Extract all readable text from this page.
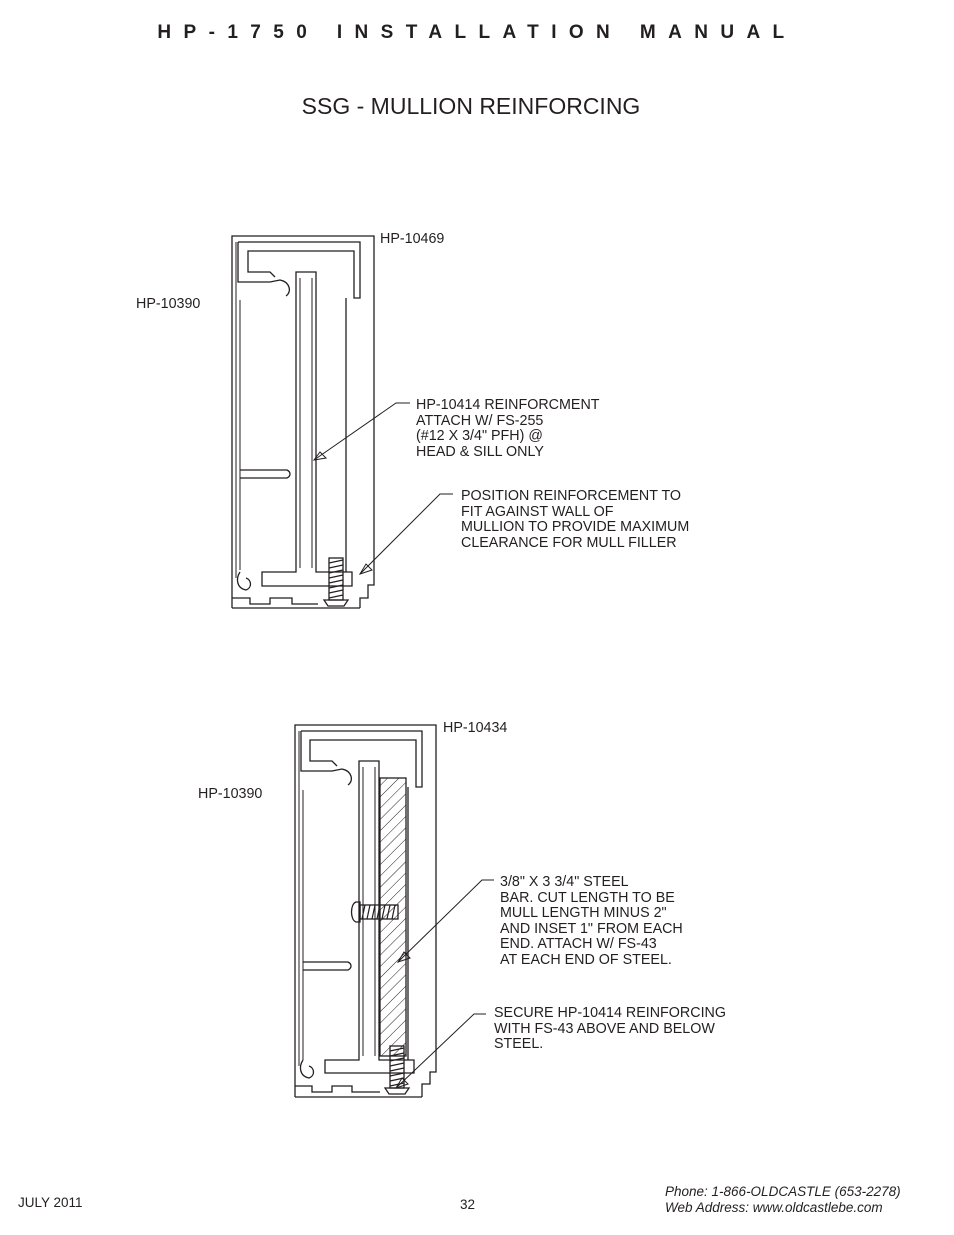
HP-1750 INSTALLATION MANUAL
SSG - MULLION REINFORCING
HP-10469
HP-10390
HP-10414 REINFORCMENT
ATTACH W/ FS-255
(#12 X 3/4" PFH) @
HEAD & SILL ONLY
POSITION REINFORCEMENT TO
FIT AGAINST WALL OF
MULLION TO PROVIDE MAXIMUM
CLEARANCE FOR MULL FILLER
HP-10434
HP-10390
3/8" X 3 3/4" STEEL
BAR. CUT LENGTH TO BE
MULL LENGTH MINUS 2"
AND INSET 1" FROM EACH
END. ATTACH W/ FS-43
AT EACH END OF STEEL.
SECURE HP-10414 REINFORCING
WITH FS-43 ABOVE AND BELOW
STEEL.
JULY 2011	32
Phone: 1-866-OLDCASTLE (653-2278)
Web Address: www.oldcastlebe.com
